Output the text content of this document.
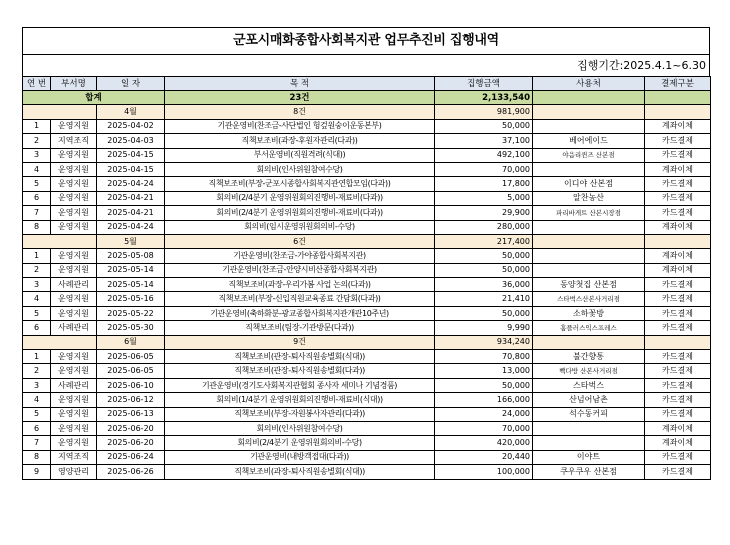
군포시매화종합사회복지관 업무추진비 집행내역
집행기간:2025.4.1~6.30
연 번	부서명	일 자	목 적	집행금액	사용처	결제구분
합계			23건	2,133,540		
		4월	8건	981,900		
1	운영지원	2025-04-02	기관운영비(찬조금-사단법인 헝겊원숭이운동본부)	50,000		계좌이체
2	지역조직	2025-04-03	직책보조비(과장-후원자관리(다과))	37,100	베어에이드	카드결제
3	운영지원	2025-04-15	부서운영비(직원격려(식대))	492,100	야음리퀸즈 산본점	카드결제
4	운영지원	2025-04-15	회의비(인사위원참여수당)	70,000		계좌이체
5	운영지원	2025-04-24	직책보조비(부장-군포시종합사회복지관연합모임(다과))	17,800	이디야 산본점	카드결제
6	운영지원	2025-04-21	회의비(2/4분기 운영위원회의진행비-재료비(다과))	5,000	알찬농산	카드결제
7	운영지원	2025-04-21	회의비(2/4분기 운영위원회의진행비-재료비(다과))	29,900	파리바게트 산본시장점	카드결제
8	운영지원	2025-04-24	회의비(임시운영위원회의비-수당)	280,000		계좌이체
		5월	6건	217,400		
1	운영지원	2025-05-08	기관운영비(찬조금-가야종합사회복지관)	50,000		계좌이체
2	운영지원	2025-05-14	기관운영비(찬조금-안양시비산종합사회복지관)	50,000		계좌이체
3	사례관리	2025-05-14	직책보조비(과장-우리가봄 사업 논의(다과))	36,000	동양첫집 산본점	카드결제
4	운영지원	2025-05-16	직책보조비(부장-신입직원교육종료 간담회(다과))	21,410	스타벅스산본사거리점	카드결제
5	운영지원	2025-05-22	기관운영비(축하화분-광교종합사회복지관개관10주년)	50,000	소하꽃방	카드결제
6	사례관리	2025-05-30	직책보조비(팀장-기관방문(다과))	9,990	홈플러스익스프레스	카드결제
		6월	9건	934,240		
1	운영지원	2025-06-05	직책보조비(관장-퇴사직원송별회(식대))	70,800	불간향통	카드결제
2	운영지원	2025-06-05	직책보조비(관장-퇴사직원송별회(다과))	13,000	빽다방 산본사거리점	카드결제
3	사례관리	2025-06-10	기관운영비(경기도사회복지관협회 종사자 세미나 기념경품)	50,000	스타벅스	카드결제
4	운영지원	2025-06-12	회의비(1/4분기 운영위원회의진행비-재료비(식대))	166,000	산넘어남촌	카드결제
5	운영지원	2025-06-13	직책보조비(부장-자원봉사자관리(다과))	24,000	석수동커피	카드결제
6	운영지원	2025-06-20	회의비(인사위원참여수당)	70,000		계좌이체
7	운영지원	2025-06-20	회의비(2/4분기 운영위원회의비-수당)	420,000		계좌이체
8	지역조직	2025-06-24	기관운영비(내방객접대(다과))	20,440	이야트	카드결제
9	영양관리	2025-06-26	직책보조비(과장-퇴사직원송별회(식대))	100,000	쿠우쿠우 산본점	카드결제
